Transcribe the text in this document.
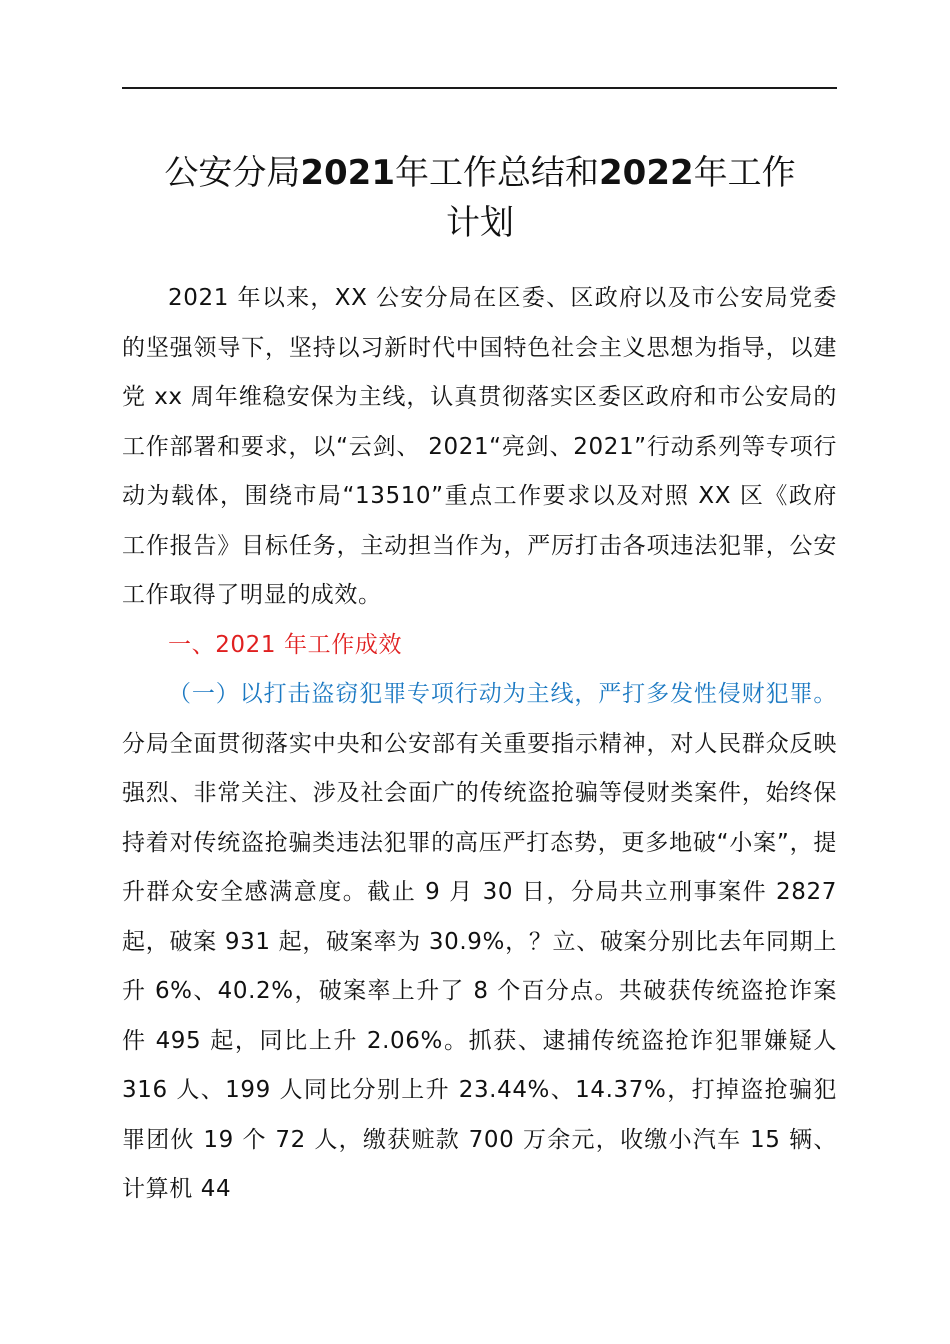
公安分局2021年工作总结和2022年工作
计划

2021 年以来，XX 公安分局在区委、区政府以及市公安局党委的坚强领导下，坚持以习新时代中国特色社会主义思想为指导，以建党 xx 周年维稳安保为主线，认真贯彻落实区委区政府和市公安局的工作部署和要求，以“云剑、 2021“亮剑、2021”行动系列等专项行动为载体，围绕市局“13510”重点工作要求以及对照 XX 区《政府工作报告》目标任务，主动担当作为，严厉打击各项违法犯罪，公安工作取得了明显的成效。

一、2021 年工作成效

（一）以打击盗窃犯罪专项行动为主线，严打多发性侵财犯罪。分局全面贯彻落实中央和公安部有关重要指示精神，对人民群众反映强烈、非常关注、涉及社会面广的传统盗抢骗等侵财类案件，始终保持着对传统盗抢骗类违法犯罪的高压严打态势，更多地破“小案”，提升群众安全感满意度。截止 9 月 30 日，分局共立刑事案件 2827 起，破案 931 起，破案率为 30.9%，？立、破案分别比去年同期上升 6%、40.2%，破案率上升了 8 个百分点。共破获传统盗抢诈案件 495 起，同比上升 2.06%。抓获、逮捕传统盗抢诈犯罪嫌疑人 316 人、199 人同比分别上升 23.44%、14.37%，打掉盗抢骗犯罪团伙 19 个 72 人，缴获赃款 700 万余元，收缴小汽车 15 辆、计算机 44
